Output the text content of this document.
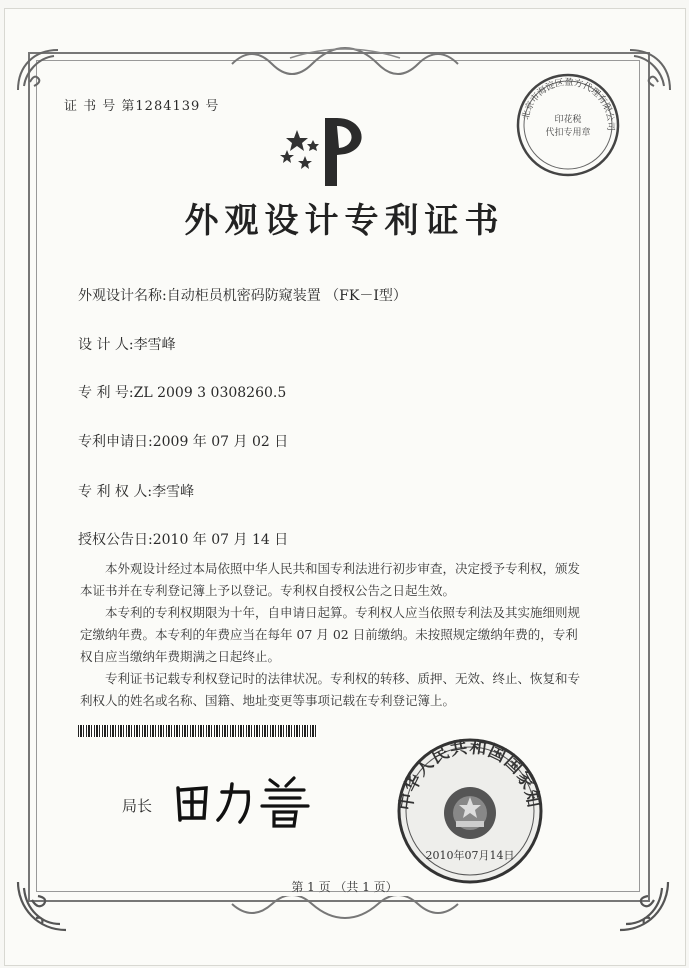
证 书 号 第1284139 号
外观设计专利证书
外观设计名称:自动柜员机密码防窥装置 （FK－Ⅰ型）
设 计 人:李雪峰
专 利 号:ZL 2009 3 0308260.5
专利申请日:2009 年 07 月 02 日
专 利 权 人:李雪峰
授权公告日:2010 年 07 月 14 日

本外观设计经过本局依照中华人民共和国专利法进行初步审查，决定授予专利权，颁发本证书并在专利登记簿上予以登记。专利权自授权公告之日起生效。

本专利的专利权期限为十年，自申请日起算。专利权人应当依照专利法及其实施细则规定缴纳年费。本专利的年费应当在每年 07 月 02 日前缴纳。未按照规定缴纳年费的，专利权自应当缴纳年费期满之日起终止。

专利证书记载专利权登记时的法律状况。专利权的转移、质押、无效、终止、恢复和专利权人的姓名或名称、国籍、地址变更等事项记载在专利登记簿上。

局长
北京市海淀区盈方代理有限公司
印花税
代扣专用章
中华人民共和国国家知
2010年07月14日
第 1 页 （共 1 页）
